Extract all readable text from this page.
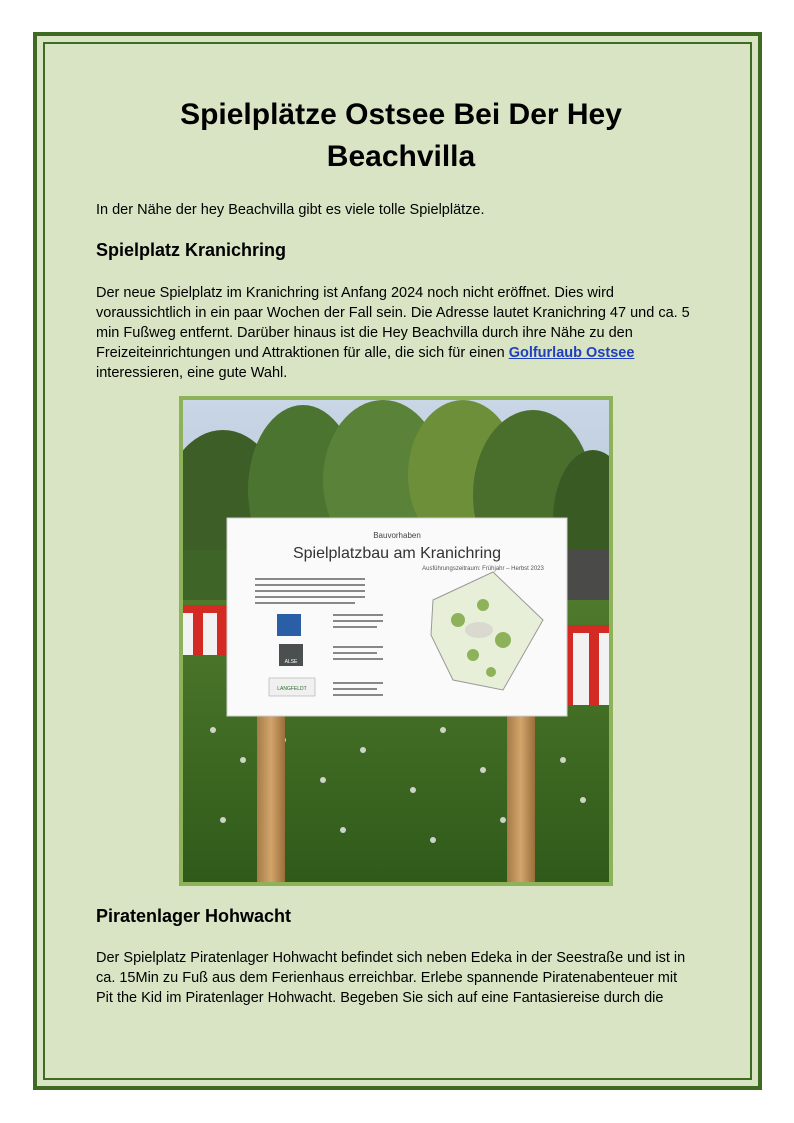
Spielplätze Ostsee Bei Der Hey
Beachvilla

In der Nähe der hey Beachvilla gibt es viele tolle Spielplätze.

Spielplatz Kranichring

Der neue Spielplatz im Kranichring ist Anfang 2024 noch nicht eröffnet. Dies wird

voraussichtlich in ein paar Wochen der Fall sein. Die Adresse lautet Kranichring 47 und ca. 5

min Fußweg entfernt. Darüber hinaus ist die Hey Beachvilla durch ihre Nähe zu den

Freizeiteinrichtungen und Attraktionen für alle, die sich für einen Golfurlaub Ostsee

interessieren, eine gute Wahl.

Bauvorhaben
Spielplatzbau am Kranichring
Ausführungszeitraum: Frühjahr – Herbst 2023
ALSE
LANGFELDT
Piratenlager Hohwacht

Der Spielplatz Piratenlager Hohwacht befindet sich neben Edeka in der Seestraße und ist in

ca. 15Min zu Fuß aus dem Ferienhaus erreichbar. Erlebe spannende Piratenabenteuer mit

Pit the Kid im Piratenlager Hohwacht. Begeben Sie sich auf eine Fantasiereise durch die
